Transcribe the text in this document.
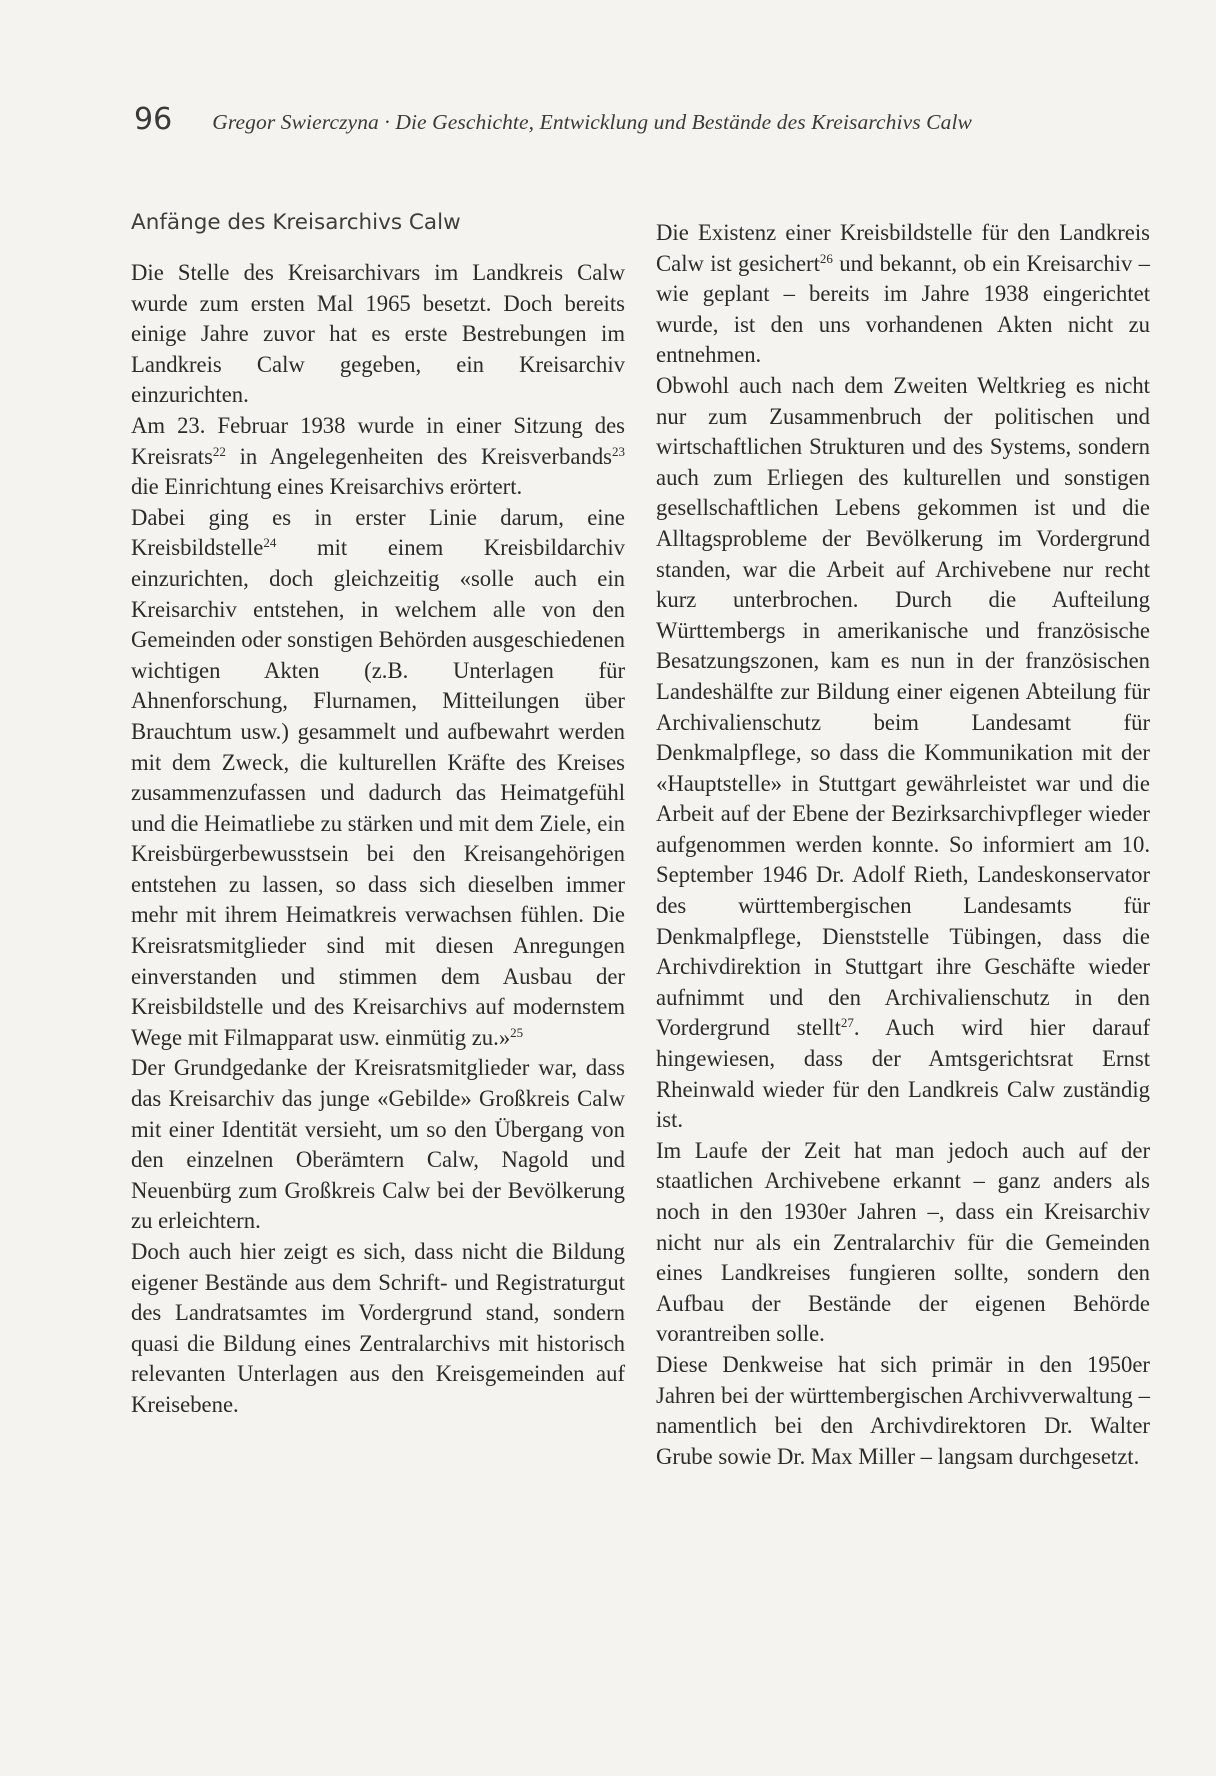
96 Gregor Swierczyna · Die Geschichte, Entwicklung und Bestände des Kreisarchivs Calw
Anfänge des Kreisarchivs Calw

Die Stelle des Kreisarchivars im Landkreis Calw wurde zum ersten Mal 1965 besetzt. Doch bereits einige Jahre zuvor hat es erste Bestrebungen im Landkreis Calw gegeben, ein Kreisarchiv einzurichten.

Am 23. Februar 1938 wurde in einer Sitzung des Kreisrats$^{22}$ in Angelegenheiten des Kreisverbands$^{23}$ die Einrichtung eines Kreisarchivs erörtert.

Dabei ging es in erster Linie darum, eine Kreisbildstelle$^{24}$ mit einem Kreisbildarchiv einzurichten, doch gleichzeitig «solle auch ein Kreisarchiv entstehen, in welchem alle von den Gemeinden oder sonstigen Behörden ausgeschiedenen wichtigen Akten (z.B. Unterlagen für Ahnenforschung, Flurnamen, Mitteilungen über Brauchtum usw.) gesammelt und aufbewahrt werden mit dem Zweck, die kulturellen Kräfte des Kreises zusammenzufassen und dadurch das Heimatgefühl und die Heimatliebe zu stärken und mit dem Ziele, ein Kreisbürgerbewusstsein bei den Kreisangehörigen entstehen zu lassen, so dass sich dieselben immer mehr mit ihrem Heimatkreis verwachsen fühlen. Die Kreisratsmitglieder sind mit diesen Anregungen einverstanden und stimmen dem Ausbau der Kreisbildstelle und des Kreisarchivs auf modernstem Wege mit Filmapparat usw. einmütig zu.»$^{25}$

Der Grundgedanke der Kreisratsmitglieder war, dass das Kreisarchiv das junge «Gebilde» Großkreis Calw mit einer Identität versieht, um so den Übergang von den einzelnen Oberämtern Calw, Nagold und Neuenbürg zum Großkreis Calw bei der Bevölkerung zu erleichtern.

Doch auch hier zeigt es sich, dass nicht die Bildung eigener Bestände aus dem Schrift- und Registraturgut des Landratsamtes im Vordergrund stand, sondern quasi die Bildung eines Zentralarchivs mit historisch relevanten Unterlagen aus den Kreisgemeinden auf Kreisebene.

Die Existenz einer Kreisbildstelle für den Landkreis Calw ist gesichert$^{26}$ und bekannt, ob ein Kreisarchiv – wie geplant – bereits im Jahre 1938 eingerichtet wurde, ist den uns vorhandenen Akten nicht zu entnehmen.

Obwohl auch nach dem Zweiten Weltkrieg es nicht nur zum Zusammenbruch der politischen und wirtschaftlichen Strukturen und des Systems, sondern auch zum Erliegen des kulturellen und sonstigen gesellschaftlichen Lebens gekommen ist und die Alltagsprobleme der Bevölkerung im Vordergrund standen, war die Arbeit auf Archivebene nur recht kurz unterbrochen. Durch die Aufteilung Württembergs in amerikanische und französische Besatzungszonen, kam es nun in der französischen Landeshälfte zur Bildung einer eigenen Abteilung für Archivalienschutz beim Landesamt für Denkmalpflege, so dass die Kommunikation mit der «Hauptstelle» in Stuttgart gewährleistet war und die Arbeit auf der Ebene der Bezirksarchivpfleger wieder aufgenommen werden konnte. So informiert am 10. September 1946 Dr. Adolf Rieth, Landeskonservator des württembergischen Landesamts für Denkmalpflege, Dienststelle Tübingen, dass die Archivdirektion in Stuttgart ihre Geschäfte wieder aufnimmt und den Archivalienschutz in den Vordergrund stellt$^{27}$. Auch wird hier darauf hingewiesen, dass der Amtsgerichtsrat Ernst Rheinwald wieder für den Landkreis Calw zuständig ist.

Im Laufe der Zeit hat man jedoch auch auf der staatlichen Archivebene erkannt – ganz anders als noch in den 1930er Jahren –, dass ein Kreisarchiv nicht nur als ein Zentralarchiv für die Gemeinden eines Landkreises fungieren sollte, sondern den Aufbau der Bestände der eigenen Behörde vorantreiben solle.

Diese Denkweise hat sich primär in den 1950er Jahren bei der württembergischen Archivverwaltung – namentlich bei den Archivdirektoren Dr. Walter Grube sowie Dr. Max Miller – langsam durchgesetzt.
